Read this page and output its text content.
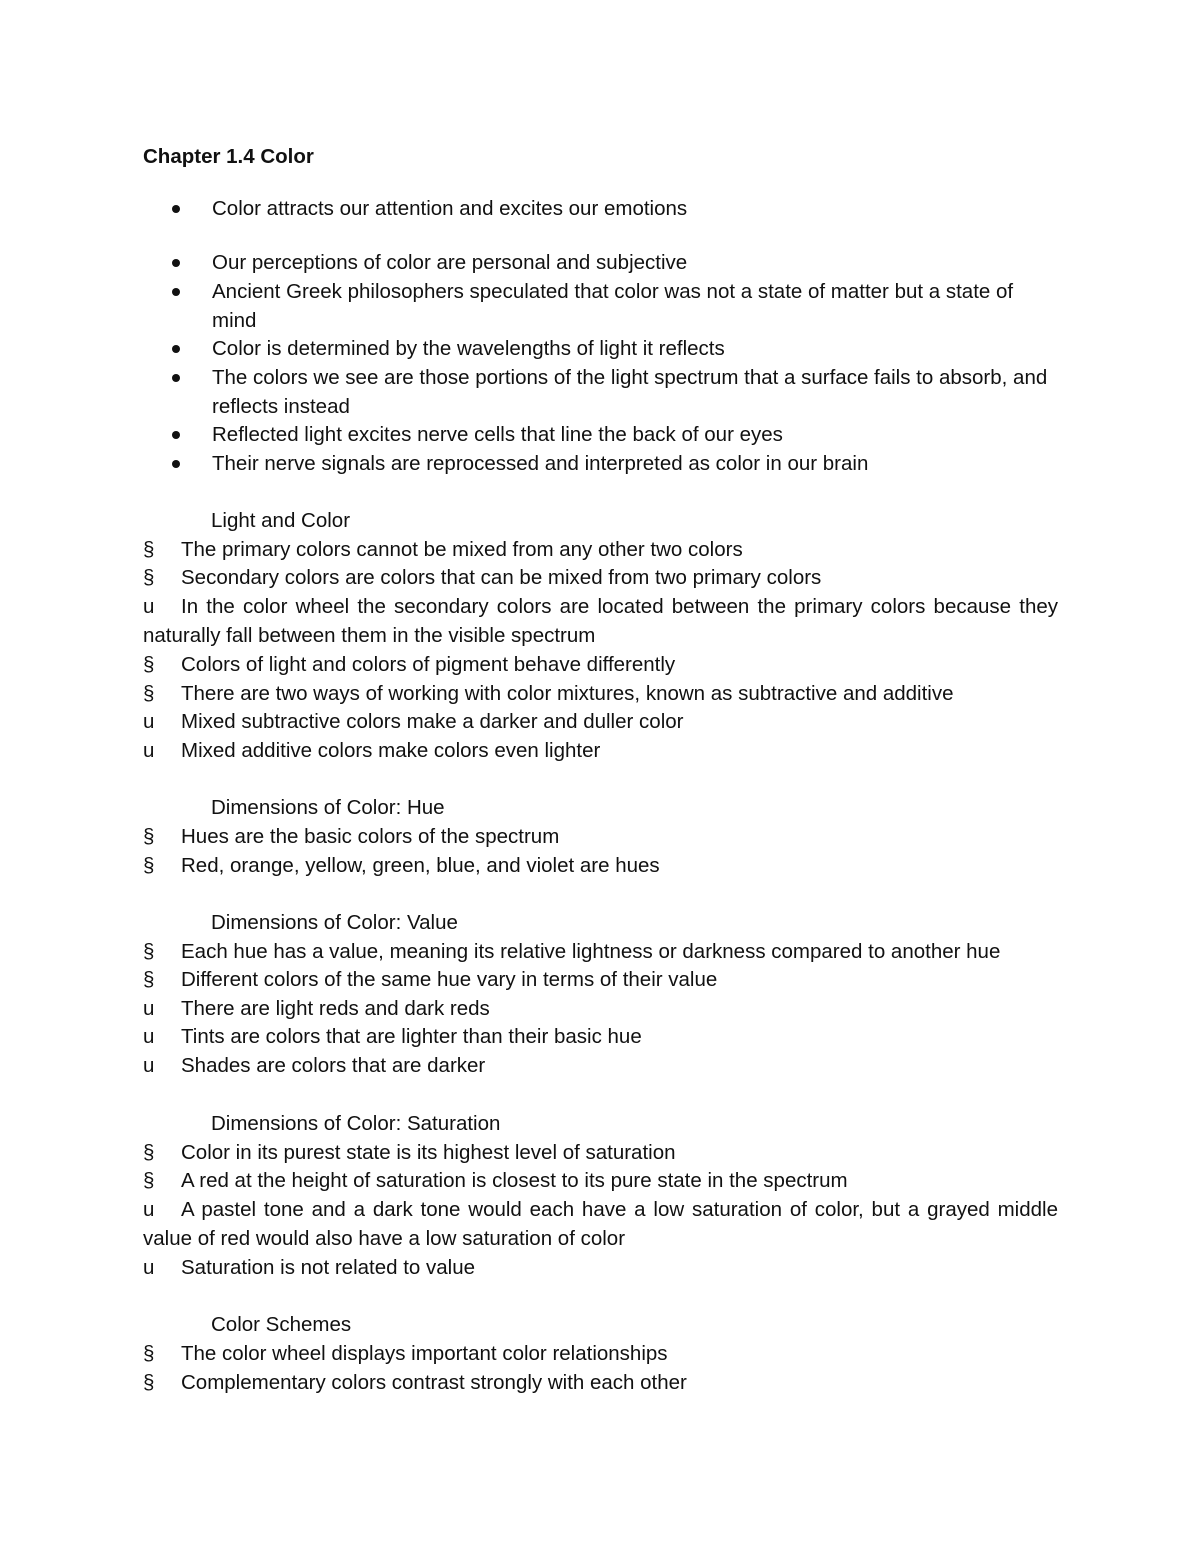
Chapter 1.4 Color
Color attracts our attention and excites our emotions
Our perceptions of color are personal and subjective
Ancient Greek philosophers speculated that color was not a state of matter but a state of mind
Color is determined by the wavelengths of light it reflects
The colors we see are those portions of the light spectrum that a surface fails to absorb, and reflects instead
Reflected light excites nerve cells that line the back of our eyes
Their nerve signals are reprocessed and interpreted as color in our brain
Light and Color
§ The primary colors cannot be mixed from any other two colors
§ Secondary colors are colors that can be mixed from two primary colors
u In the color wheel the secondary colors are located between the primary colors because they naturally fall between them in the visible spectrum
§ Colors of light and colors of pigment behave differently
§ There are two ways of working with color mixtures, known as subtractive and additive
u Mixed subtractive colors make a darker and duller color
u Mixed additive colors make colors even lighter
Dimensions of Color: Hue
§ Hues are the basic colors of the spectrum
§ Red, orange, yellow, green, blue, and violet are hues
Dimensions of Color: Value
§ Each hue has a value, meaning its relative lightness or darkness compared to another hue
§ Different colors of the same hue vary in terms of their value
u There are light reds and dark reds
u Tints are colors that are lighter than their basic hue
u Shades are colors that are darker
Dimensions of Color: Saturation
§ Color in its purest state is its highest level of saturation
§ A red at the height of saturation is closest to its pure state in the spectrum
u A pastel tone and a dark tone would each have a low saturation of color, but a grayed middle value of red would also have a low saturation of color
u Saturation is not related to value
Color Schemes
§ The color wheel displays important color relationships
§ Complementary colors contrast strongly with each other
